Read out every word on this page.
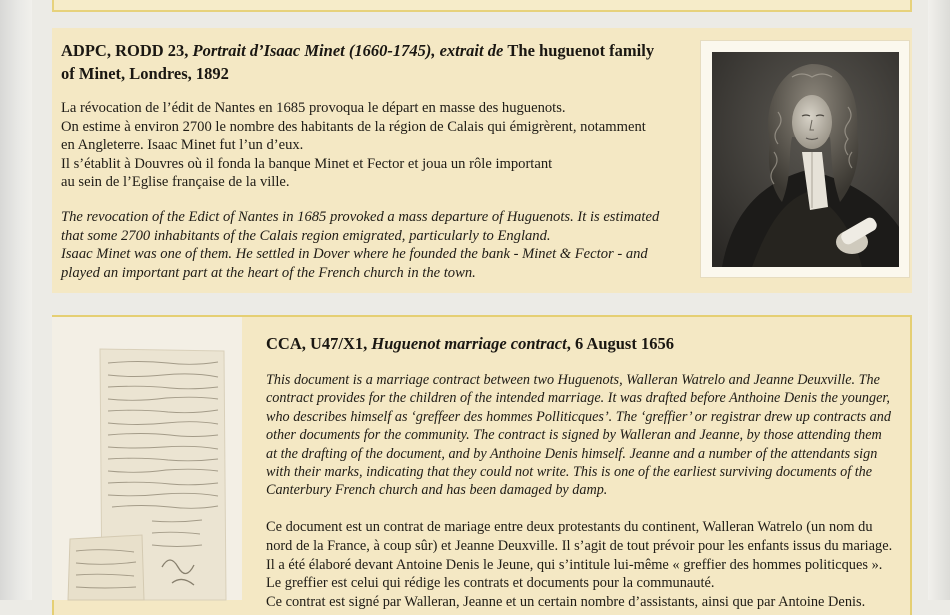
ADPC, RODD 23, Portrait d’Isaac Minet (1660-1745), extrait de The huguenot family
of Minet, Londres, 1892
La révocation de l’édit de Nantes en 1685 provoqua le départ en masse des huguenots.
On estime à environ 2700 le nombre des habitants de la région de Calais qui émigrèrent, notamment
en Angleterre. Isaac Minet fut l’un d’eux.
Il s’établit à Douvres où il fonda la banque Minet et Fector et joua un rôle important
au sein de l’Eglise française de la ville.
The revocation of the Edict of Nantes in 1685 provoked a mass departure of Huguenots. It is estimated
that some 2700 inhabitants of the Calais region emigrated, particularly to England.
Isaac Minet was one of them. He settled in Dover where he founded the bank - Minet & Fector - and
played an important part at the heart of the French church in the town.
CCA, U47/X1, Huguenot marriage contract, 6 August 1656
This document is a marriage contract between two Huguenots, Walleran Watrelo and Jeanne Deuxville. The
contract provides for the children of the intended marriage. It was drafted before Anthoine Denis the younger,
who describes himself as ‘greffeer des hommes Polliticques’. The ‘greffier’ or registrar drew up contracts and
other documents for the community. The contract is signed by Walleran and Jeanne, by those attending them
at the drafting of the document, and by Anthoine Denis himself. Jeanne and a number of the attendants sign
with their marks, indicating that they could not write. This is one of the earliest surviving documents of the
Canterbury French church and has been damaged by damp.
Ce document est un contrat de mariage entre deux protestants du continent, Walleran Watrelo (un nom du
nord de la France, à coup sûr) et Jeanne Deuxville. Il s’agit de tout prévoir pour les enfants issus du mariage.
Il a été élaboré devant Antoine Denis le Jeune, qui s’intitule lui-même « greffier des hommes politicques ».
Le greffier est celui qui rédige les contrats et documents pour la communauté.
Ce contrat est signé par Walleran, Jeanne et un certain nombre d’assistants, ainsi que par Antoine Denis.
